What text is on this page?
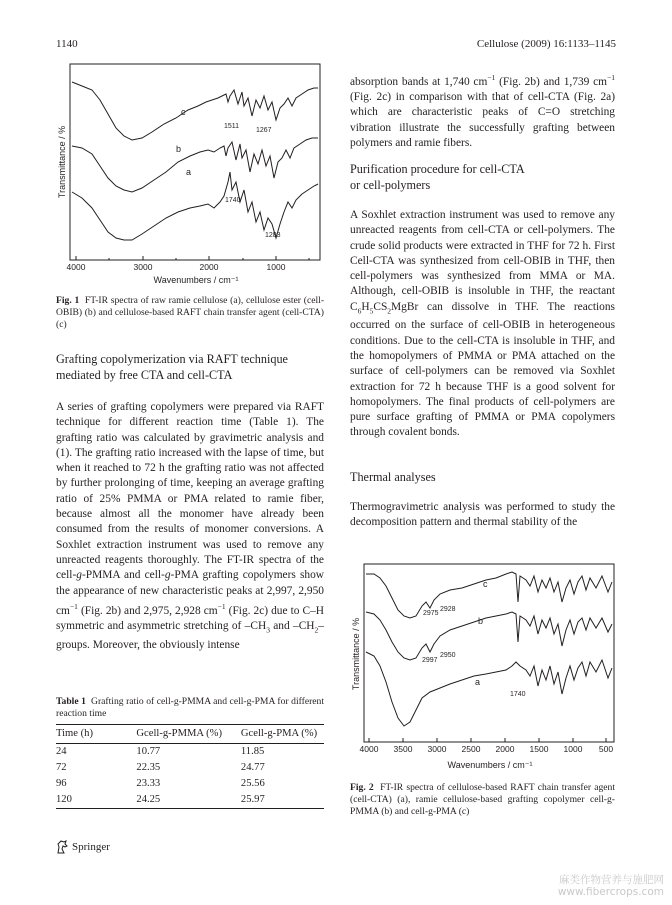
1140	Cellulose (2009) 16:1133–1145
c
b
a
1511
1267
1740
1283
4000	3000	2000	1000
Wavenumbers / cm⁻¹
Transmittance / %
Fig. 1 FT-IR spectra of raw ramie cellulose (a), cellulose ester (cell-OBIB) (b) and cellulose-based RAFT chain transfer agent (cell-CTA) (c)
Grafting copolymerization via RAFT technique
mediated by free CTA and cell-CTA

A series of grafting copolymers were prepared via RAFT technique for different reaction time (Table 1). The grafting ratio was calculated by gravimetric analysis and (1). The grafting ratio increased with the lapse of time, but when it reached to 72 h the grafting ratio was not affected by further prolonging of time, keeping an average grafting ratio of 25% PMMA or PMA related to ramie fiber, because almost all the monomer have already been consumed from the results of monomer conversions. A Soxhlet extraction instrument was used to remove any unreacted reagents thoroughly. The FT-IR spectra of the cell-g-PMMA and cell-g-PMA grafting copolymers show the appearance of new characteristic peaks at 2,997, 2,950 $cm^{-1}$ (Fig. 2b) and 2,975, 2,928 $cm^{-1}$ (Fig. 2c) due to C–H symmetric and asymmetric stretching of $-CH_3$ and $-CH_2-$ groups. Moreover, the obviously intense

Table 1 Grafting ratio of cell-g-PMMA and cell-g-PMA for different reaction time
Time (h)	Gcell-g-PMMA (%)	Gcell-g-PMA (%)
24	10.77	11.85
72	22.35	24.77
96	23.33	25.56
120	24.25	25.97
Springer

absorption bands at 1,740 $cm^{-1}$ (Fig. 2b) and 1,739 $cm^{-1}$ (Fig. 2c) in comparison with that of cell-CTA (Fig. 2a) which are characteristic peaks of C=O stretching vibration illustrate the successfully grafting between polymers and ramie fibers.

Purification procedure for cell-CTA
or cell-polymers

A Soxhlet extraction instrument was used to remove any unreacted reagents from cell-CTA or cell-polymers. The crude solid products were extracted in THF for 72 h. First Cell-CTA was synthesized from cell-OBIB in THF, then cell-polymers was synthesized from MMA or MA. Although, cell-OBIB is insoluble in THF, the reactant $C_6H_5CS_2MgBr$ can dissolve in THF. The reactions occurred on the surface of cell-OBIB in heterogeneous conditions. Due to the cell-CTA is insoluble in THF, and the homopolymers of PMMA or PMA attached on the surface of cell-polymers can be removed via Soxhlet extraction for 72 h because THF is a good solvent for homopolymers. The final products of cell-polymers are pure surface grafting of PMMA or PMA copolymers through covalent bonds.

Thermal analyses

Thermogravimetric analysis was performed to study the decomposition pattern and thermal stability of the

c
b
a
2975
2928
2997
2950
1740
4000 3500 3000 2500 2000 1500 1000 500
Wavenumbers / cm⁻¹
Transmittance / %
Fig. 2 FT-IR spectra of cellulose-based RAFT chain transfer agent (cell-CTA) (a), ramie cellulose-based grafting copolymer cell-g-PMMA (b) and cell-g-PMA (c)
麻类作物营养与施肥网
www.fibercrops.com
